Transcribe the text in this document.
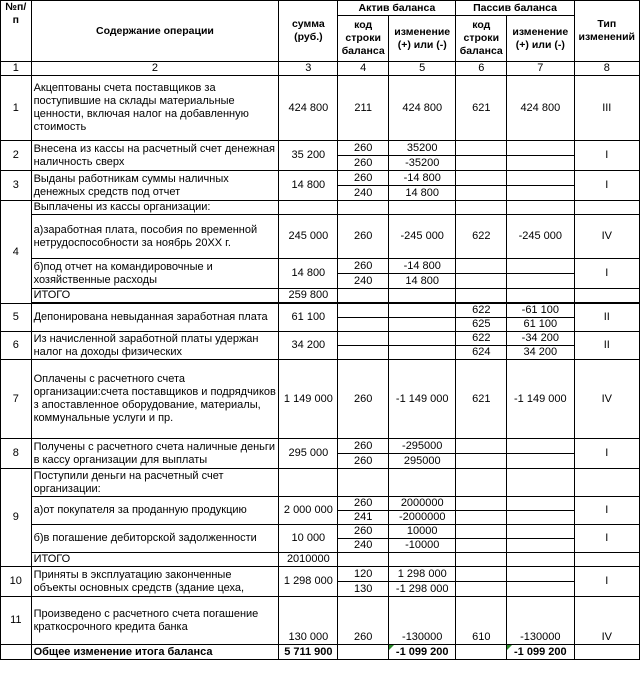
№п/п	Содержание операции	сумма (руб.)	Актив баланса		Пассив баланса		Тип изменений
			код строки баланса	изменение (+) или (-)	код строки баланса	изменение (+) или (-)	
1	2	3	4	5	6	7	8
1	Акцептованы счета поставщиков за поступившие на склады материальные ценности, включая налог на добавленную стоимость	424 800	211	424 800	621	424 800	III
2	Внесена из кассы на расчетный счет денежная наличность сверх	35 200	260	35200			I
			260	-35200			
3	Выданы работникам суммы наличных денежных средств под отчет	14 800	260	-14 800			I
			240	14 800			
4	Выплачены из кассы организации:						
	а)заработная плата, пособия по временной нетрудоспособности за ноябрь 20XX г.	245 000	260	-245 000	622	-245 000	IV
	б)под отчет на командировочные и хозяйственные расходы	14 800	260	-14 800			I
			240	14 800			
	ИТОГО	259 800					

5	Депонирована невыданная заработная плата	61 100			622	-61 100	II
					625	61 100	
6	Из начисленной заработной платы удержан налог на доходы физических	34 200			622	-34 200	II
					624	34 200	
7	Оплачены с расчетного счета организации:счета поставщиков и подрядчиков з апоставленное оборудование, материалы, коммунальные услуги и пр.	1 149 000	260	-1 149 000	621	-1 149 000	IV
8	Получены с расчетного счета наличные деньги в кассу организации для выплаты	295 000	260	-295000			I
			260	295000			
9	Поступили деньги на расчетный счет организации:						
	а)от покупателя за проданную продукцию	2 000 000	260	2000000			I
			241	-2000000			
	б)в погашение дебиторской задолженности	10 000	260	10000			I
			240	-10000			
	ИТОГО	2010000					
10	Приняты в эксплуатацию законченные объекты основных средств (здание цеха,	1 298 000	120	1 298 000			I
			130	-1 298 000			
11	Произведено с расчетного счета погашение краткосрочного кредита банка	130 000	260	-130000	610	-130000	IV
	Общее изменение итога баланса	5 711 900		-1 099 200		-1 099 200	
